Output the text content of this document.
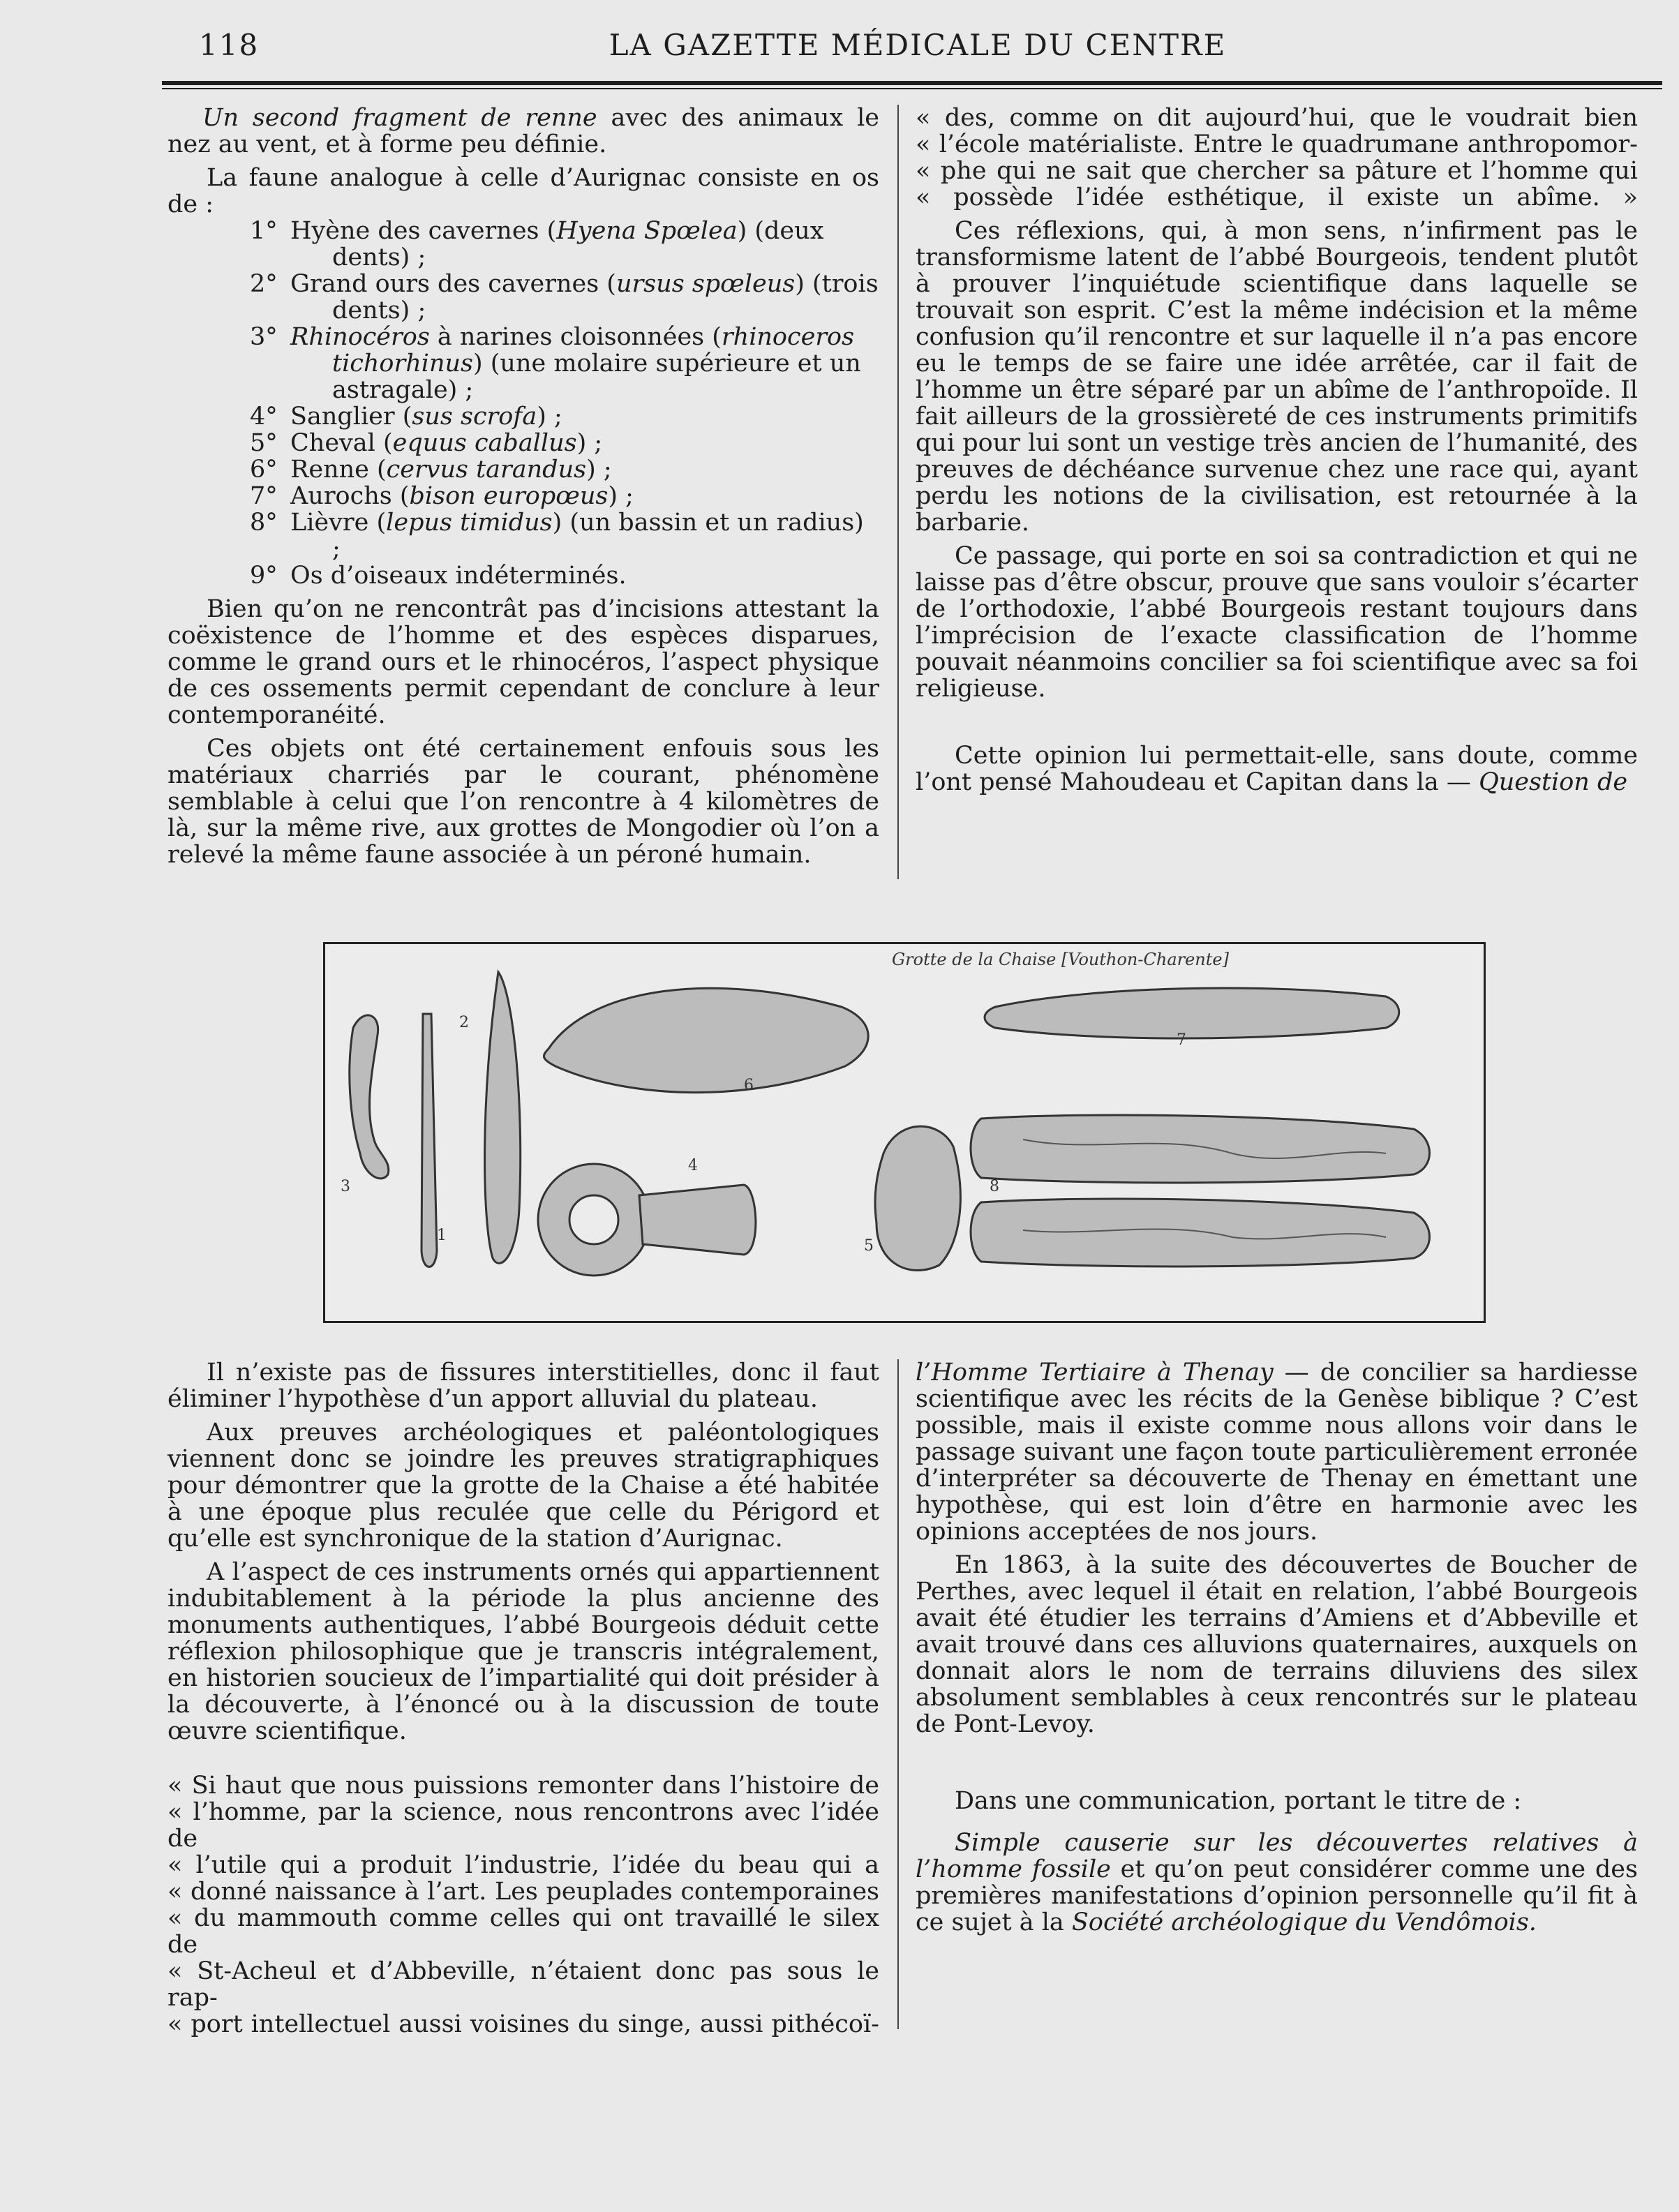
118	LA GAZETTE MÉDICALE DU CENTRE

Un second fragment de renne avec des animaux le nez au vent, et à forme peu définie.

La faune analogue à celle d’Aurignac consiste en os de :

1° Hyène des cavernes (Hyena Spœlea) (deux dents) ;
2° Grand ours des cavernes (ursus spœleus) (trois dents) ;
3° Rhinocéros à narines cloisonnées (rhinoceros tichorhinus) (une molaire supérieure et un astragale) ;
4° Sanglier (sus scrofa) ;
5° Cheval (equus caballus) ;
6° Renne (cervus tarandus) ;
7° Aurochs (bison europœus) ;
8° Lièvre (lepus timidus) (un bassin et un radius) ;
9° Os d’oiseaux indéterminés.

Bien qu’on ne rencontrât pas d’incisions attestant la coëxistence de l’homme et des espèces disparues, comme le grand ours et le rhinocéros, l’aspect physique de ces ossements permit cependant de conclure à leur contemporanéité.

Ces objets ont été certainement enfouis sous les matériaux charriés par le courant, phénomène semblable à celui que l’on rencontre à 4 kilomètres de là, sur la même rive, aux grottes de Mongodier où l’on a relevé la même faune associée à un péroné humain.

« des, comme on dit aujourd’hui, que le voudrait bien

« l’école matérialiste. Entre le quadrumane anthropomor-

« phe qui ne sait que chercher sa pâture et l’homme qui

« possède l’idée esthétique, il existe un abîme. »

Ces réflexions, qui, à mon sens, n’infirment pas le transformisme latent de l’abbé Bourgeois, tendent plutôt à prouver l’inquiétude scientifique dans laquelle se trouvait son esprit. C’est la même indécision et la même confusion qu’il rencontre et sur laquelle il n’a pas encore eu le temps de se faire une idée arrêtée, car il fait de l’homme un être séparé par un abîme de l’anthropoïde. Il fait ailleurs de la grossièreté de ces instruments primitifs qui pour lui sont un vestige très ancien de l’humanité, des preuves de déchéance survenue chez une race qui, ayant perdu les notions de la civilisation, est retournée à la barbarie.

Ce passage, qui porte en soi sa contradiction et qui ne laisse pas d’être obscur, prouve que sans vouloir s’écarter de l’orthodoxie, l’abbé Bourgeois restant toujours dans l’imprécision de l’exacte classification de l’homme pouvait néanmoins concilier sa foi scientifique avec sa foi religieuse.

Cette opinion lui permettait-elle, sans doute, comme l’ont pensé Mahoudeau et Capitan dans la — Question de

Grotte de la Chaise [Vouthon-Charente]
1
2
3
4
5
6
7
8

Il n’existe pas de fissures interstitielles, donc il faut éliminer l’hypothèse d’un apport alluvial du plateau.

Aux preuves archéologiques et paléontologiques viennent donc se joindre les preuves stratigraphiques pour démontrer que la grotte de la Chaise a été habitée à une époque plus reculée que celle du Périgord et qu’elle est synchronique de la station d’Aurignac.

A l’aspect de ces instruments ornés qui appartiennent indubitablement à la période la plus ancienne des monuments authentiques, l’abbé Bourgeois déduit cette réflexion philosophique que je transcris intégralement, en historien soucieux de l’impartialité qui doit présider à la découverte, à l’énoncé ou à la discussion de toute œuvre scientifique.

« Si haut que nous puissions remonter dans l’histoire de

« l’homme, par la science, nous rencontrons avec l’idée de

« l’utile qui a produit l’industrie, l’idée du beau qui a

« donné naissance à l’art. Les peuplades contemporaines

« du mammouth comme celles qui ont travaillé le silex de

« St-Acheul et d’Abbeville, n’étaient donc pas sous le rap-

« port intellectuel aussi voisines du singe, aussi pithécoï-

l’Homme Tertiaire à Thenay — de concilier sa hardiesse scientifique avec les récits de la Genèse biblique ? C’est possible, mais il existe comme nous allons voir dans le passage suivant une façon toute particulièrement erronée d’interpréter sa découverte de Thenay en émettant une hypothèse, qui est loin d’être en harmonie avec les opinions acceptées de nos jours.

En 1863, à la suite des découvertes de Boucher de Perthes, avec lequel il était en relation, l’abbé Bourgeois avait été étudier les terrains d’Amiens et d’Abbeville et avait trouvé dans ces alluvions quaternaires, auxquels on donnait alors le nom de terrains diluviens des silex absolument semblables à ceux rencontrés sur le plateau de Pont-Levoy.

Dans une communication, portant le titre de :

Simple causerie sur les découvertes relatives à l’homme fossile et qu’on peut considérer comme une des premières manifestations d’opinion personnelle qu’il fit à ce sujet à la Société archéologique du Vendômois.
